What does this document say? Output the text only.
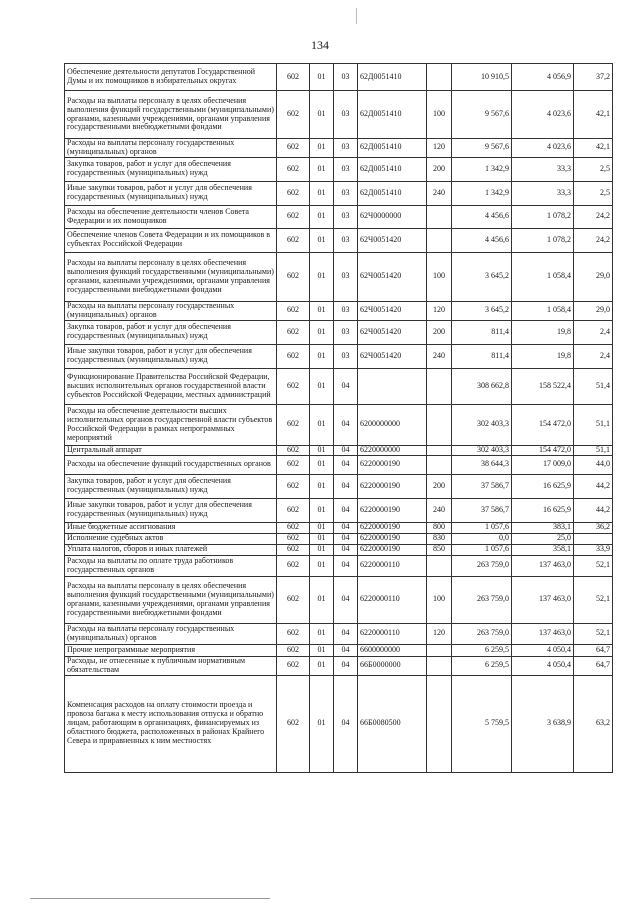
134
Обеспечение деятельности депутатов Государственной Думы и их помощников в избирательных округах	602	01	03	62Д0051410		10 910,5	4 056,9	37,2
Расходы на выплаты персоналу в целях обеспечения выполнения функций государственными (муниципальными) органами, казенными учреждениями, органами управления государственными внебюджетными фондами	602	01	03	62Д0051410	100	9 567,6	4 023,6	42,1
Расходы на выплаты персоналу государственных (муниципальных) органов	602	01	03	62Д0051410	120	9 567,6	4 023,6	42,1
Закупка товаров, работ и услуг для обеспечения государственных (муниципальных) нужд	602	01	03	62Д0051410	200	1 342,9	33,3	2,5
Иные закупки товаров, работ и услуг для обеспечения государственных (муниципальных) нужд	602	01	03	62Д0051410	240	1 342,9	33,3	2,5
Расходы на обеспечение деятельности членов Совета Федерации и их помощников	602	01	03	62Ч0000000		4 456,6	1 078,2	24,2
Обеспечение членов Совета Федерации и их помощников в субъектах Российской Федерации	602	01	03	62Ч0051420		4 456,6	1 078,2	24,2
Расходы на выплаты персоналу в целях обеспечения выполнения функций государственными (муниципальными) органами, казенными учреждениями, органами управления государственными внебюджетными фондами	602	01	03	62Ч0051420	100	3 645,2	1 058,4	29,0
Расходы на выплаты персоналу государственных (муниципальных) органов	602	01	03	62Ч0051420	120	3 645,2	1 058,4	29,0
Закупка товаров, работ и услуг для обеспечения государственных (муниципальных) нужд	602	01	03	62Ч0051420	200	811,4	19,8	2,4
Иные закупки товаров, работ и услуг для обеспечения государственных (муниципальных) нужд	602	01	03	62Ч0051420	240	811,4	19,8	2,4
Функционирование Правительства Российской Федерации, высших исполнительных органов государственной власти субъектов Российской Федерации, местных администраций	602	01	04			308 662,8	158 522,4	51,4
Расходы на обеспечение деятельности высших исполнительных органов государственной власти субъектов Российской Федерации в рамках непрограммных мероприятий	602	01	04	6200000000		302 403,3	154 472,0	51,1
Центральный аппарат	602	01	04	6220000000		302 403,3	154 472,0	51,1
Расходы на обеспечение функций государственных органов	602	01	04	6220000190		38 644,3	17 009,0	44,0
Закупка товаров, работ и услуг для обеспечения государственных (муниципальных) нужд	602	01	04	6220000190	200	37 586,7	16 625,9	44,2
Иные закупки товаров, работ и услуг для обеспечения государственных (муниципальных) нужд	602	01	04	6220000190	240	37 586,7	16 625,9	44,2
Иные бюджетные ассигнования	602	01	04	6220000190	800	1 057,6	383,1	36,2
Исполнение судебных актов	602	01	04	6220000190	830	0,0	25,0	
Уплата налогов, сборов и иных платежей	602	01	04	6220000190	850	1 057,6	358,1	33,9
Расходы на выплаты по оплате труда работников государственных органов	602	01	04	6220000110		263 759,0	137 463,0	52,1
Расходы на выплаты персоналу в целях обеспечения выполнения функций государственными (муниципальными) органами, казенными учреждениями, органами управления государственными внебюджетными фондами	602	01	04	6220000110	100	263 759,0	137 463,0	52,1
Расходы на выплаты персоналу государственных (муниципальных) органов	602	01	04	6220000110	120	263 759,0	137 463,0	52,1
Прочие непрограммные мероприятия	602	01	04	6600000000		6 259,5	4 050,4	64,7
Расходы, не отнесенные к публичным нормативным обязательствам	602	01	04	66Б0000000		6 259,5	4 050,4	64,7
Компенсация расходов на оплату стоимости проезда и провоза багажа к месту использования отпуска и обратно лицам, работающим в организациях, финансируемых из областного бюджета, расположенных в районах Крайнего Севера и приравненных к ним местностях	602	01	04	66Б0080500		5 759,5	3 638,9	63,2
